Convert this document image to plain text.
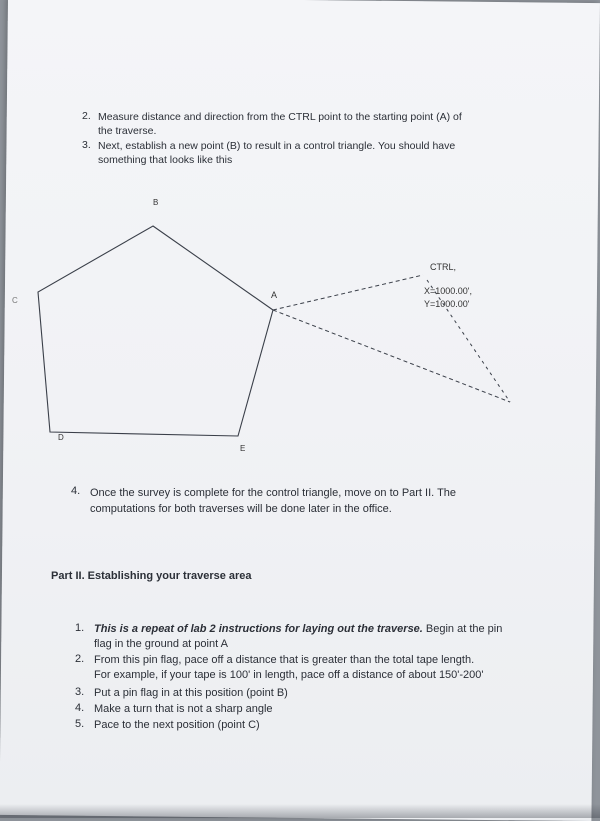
2. Measure distance and direction from the CTRL point to the starting point (A) of
the traverse.
3. Next, establish a new point (B) to result in a control triangle. You should have
something that looks like this
B
A
C
D
E
CTRL,
X=1000.00',
Y=1000.00'
4. Once the survey is complete for the control triangle, move on to Part II. The
computations for both traverses will be done later in the office.
Part II. Establishing your traverse area
1. This is a repeat of lab 2 instructions for laying out the traverse. Begin at the pin
flag in the ground at point A
2. From this pin flag, pace off a distance that is greater than the total tape length.
For example, if your tape is 100' in length, pace off a distance of about 150'-200'
3. Put a pin flag in at this position (point B)
4. Make a turn that is not a sharp angle
5. Pace to the next position (point C)
